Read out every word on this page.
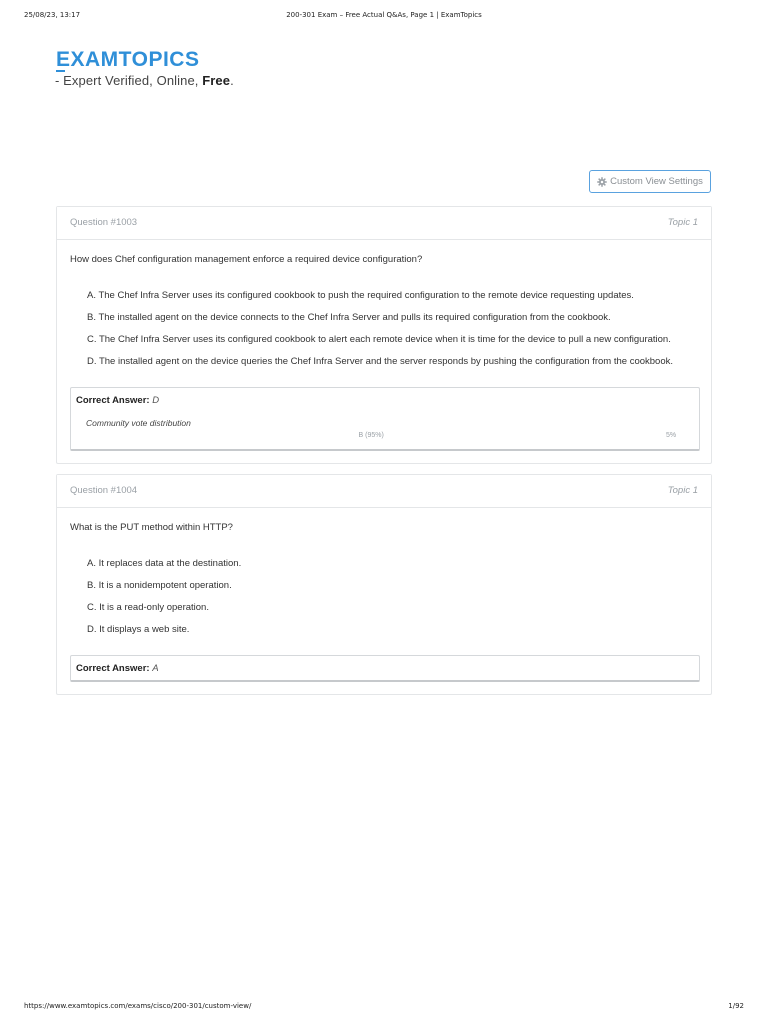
25/08/23, 13:17	200-301 Exam – Free Actual Q&As, Page 1 | ExamTopics
EXAMTOPICS
- Expert Verified, Online, Free.
Custom View Settings
Question #1003	Topic 1
How does Chef configuration management enforce a required device configuration?
A. The Chef Infra Server uses its configured cookbook to push the required configuration to the remote device requesting updates.
B. The installed agent on the device connects to the Chef Infra Server and pulls its required configuration from the cookbook.
C. The Chef Infra Server uses its configured cookbook to alert each remote device when it is time for the device to pull a new configuration.
D. The installed agent on the device queries the Chef Infra Server and the server responds by pushing the configuration from the cookbook.
Correct Answer: D
Community vote distribution
B (95%)	5%
Question #1004	Topic 1
What is the PUT method within HTTP?
A. It replaces data at the destination.
B. It is a nonidempotent operation.
C. It is a read-only operation.
D. It displays a web site.
Correct Answer: A
https://www.examtopics.com/exams/cisco/200-301/custom-view/	1/92
